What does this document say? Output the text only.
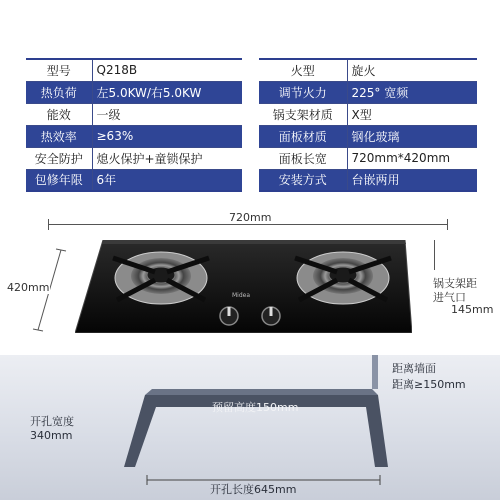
型号	Q218B
热负荷	左5.0KW/右5.0KW
能效	一级
热效率	≥63%
安全防护	熄火保护+童锁保护
包修年限	6年
火型	旋火
调节火力	225° 宽频
锅支架材质	X型
面板材质	钢化玻璃
面板长宽	720mm*420mm
安装方式	台嵌两用
720mm
420mm
Midea
锅支架距
进气口
145mm
距离墙面
距离≥150mm
预留高度150mm
开孔宽度
340mm
开孔长度645mm
